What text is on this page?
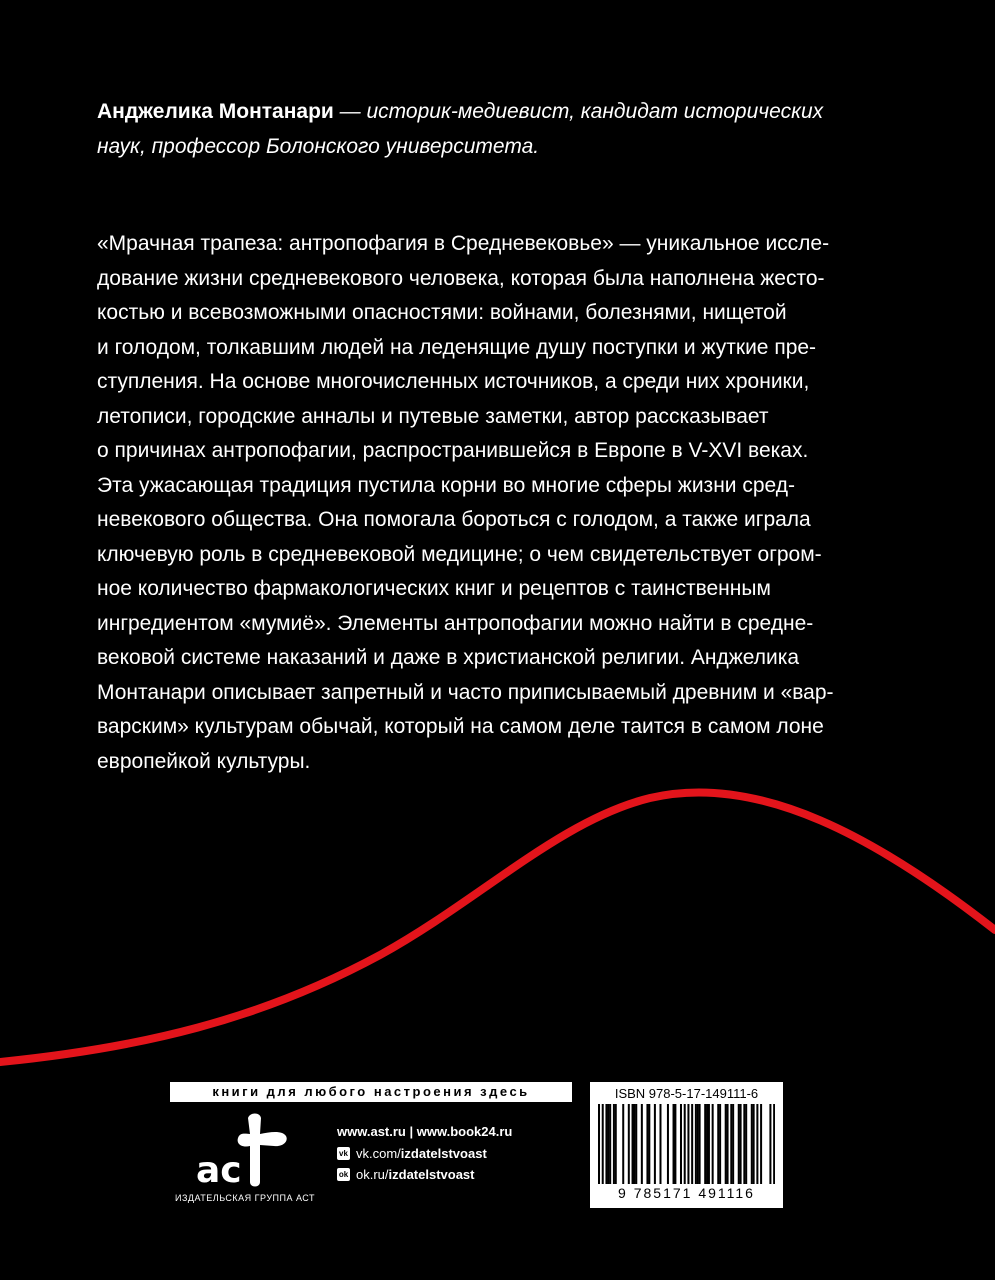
Анджелика Монтанари — историк-медиевист, кандидат исторических наук, профессор Болонского университета.

«Мрачная трапеза: антропофагия в Средневековье» — уникальное иссле-
дование жизни средневекового человека, которая была наполнена жесто-
костью и всевозможными опасностями: войнами, болезнями, нищетой
и голодом, толкавшим людей на леденящие душу поступки и жуткие пре-
ступления. На основе многочисленных источников, а среди них хроники,
летописи, городские анналы и путевые заметки, автор рассказывает
о причинах антропофагии, распространившейся в Европе в V-XVI веках.
Эта ужасающая традиция пустила корни во многие сферы жизни сред-
невекового общества. Она помогала бороться с голодом, а также играла
ключевую роль в средневековой медицине; о чем свидетельствует огром-
ное количество фармакологических книг и рецептов с таинственным
ингредиентом «мумиё». Элементы антропофагии можно найти в средне-
вековой системе наказаний и даже в христианской религии. Анджелика
Монтанари описывает запретный и часто приписываемый древним и «вар-
варским» культурам обычай, который на самом деле таится в самом лоне
европейкой культуры.
книги для любого настроения здесь
ac
ИЗДАТЕЛЬСКАЯ ГРУППА АСТ
www.ast.ru | www.book24.ru
vk vk.com/ izdatelstvoast
ok ok.ru/ izdatelstvoast
ISBN 978-5-17-149111-6
9 785171 491116
